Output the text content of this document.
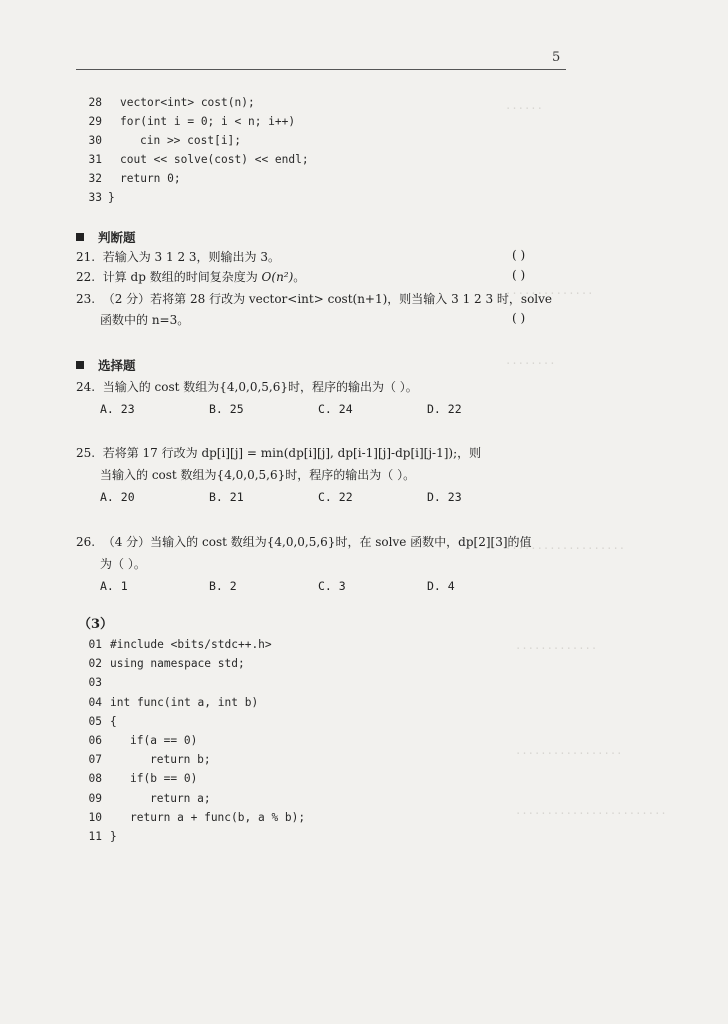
5
......
..............
........
...................
.............
.................
........................
28 vector<int> cost(n);
29 for(int i = 0; i < n; i++)
30	cin >> cost[i];
31 cout << solve(cost) << endl;
32 return 0;
33 }
判断题
21. 若输入为 3 1 2 3，则输出为 3。	( )
22. 计算 dp 数组的时间复杂度为 O(n²)。	( )
23. （2 分）若将第 28 行改为 vector<int> cost(n+1)，则当输入 3 1 2 3 时，solve
函数中的 n=3。	( )
选择题
24. 当输入的 cost 数组为{4,0,0,5,6}时，程序的输出为（ ）。
A. 23	B. 25	C. 24	D. 22
25. 若将第 17 行改为 dp[i][j] = min(dp[i][j], dp[i-1][j]-dp[i][j-1]);，则
当输入的 cost 数组为{4,0,0,5,6}时，程序的输出为（ ）。
A. 20	B. 21	C. 22	D. 23
26. （4 分）当输入的 cost 数组为{4,0,0,5,6}时，在 solve 函数中，dp[2][3]的值
为（ ）。
A. 1	B. 2	C. 3	D. 4
（3）
01 #include <bits/stdc++.h>
02 using namespace std;
03
04 int func(int a, int b)
05 {
06	if(a == 0)
07	return b;
08	if(b == 0)
09	return a;
10	return a + func(b, a % b);
11 }
